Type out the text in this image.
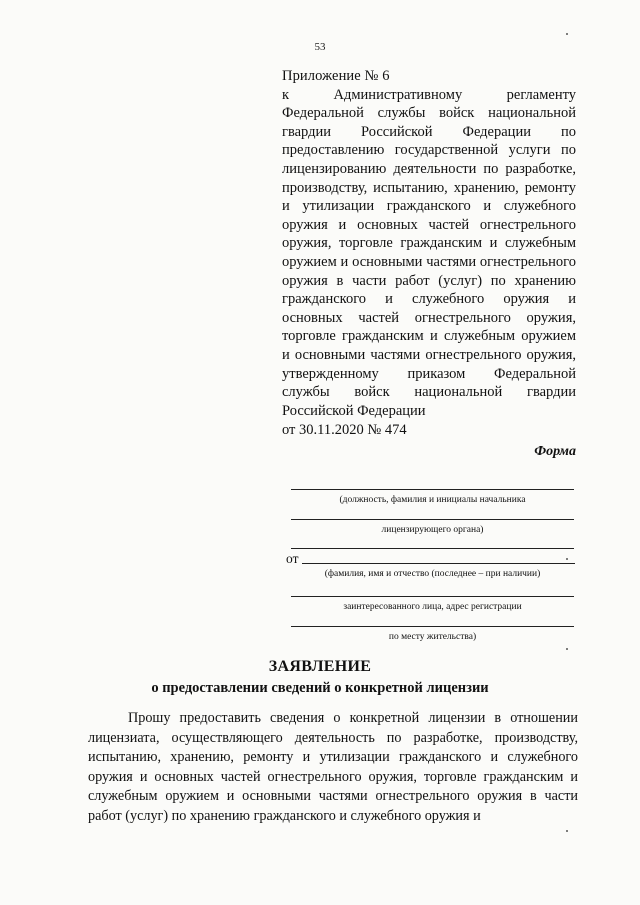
53
Приложение № 6
к Административному регламенту Федеральной службы войск национальной гвардии Российской Федерации по предоставлению государственной услуги по лицензированию деятельности по разработке, производству, испытанию, хранению, ремонту и утилизации гражданского и служебного оружия и основных частей огнестрельного оружия, торговле гражданским и служебным оружием и основными частями огнестрельного оружия в части работ (услуг) по хранению гражданского и служебного оружия и основных частей огнестрельного оружия, торговле гражданским и служебным оружием и основными частями огнестрельного оружия, утвержденному приказом Федеральной службы войск национальной гвардии Российской Федерации
от 30.11.2020 № 474
Форма
(должность, фамилия и инициалы начальника
лицензирующего органа)
от
(фамилия, имя и отчество (последнее – при наличии)
заинтересованного лица, адрес регистрации
по месту жительства)
ЗАЯВЛЕНИЕ
о предоставлении сведений о конкретной лицензии
Прошу предоставить сведения о конкретной лицензии в отношении лицензиата, осуществляющего деятельность по разработке, производству, испытанию, хранению, ремонту и утилизации гражданского и служебного оружия и основных частей огнестрельного оружия, торговле гражданским и служебным оружием и основными частями огнестрельного оружия в части работ (услуг) по хранению гражданского и служебного оружия и
